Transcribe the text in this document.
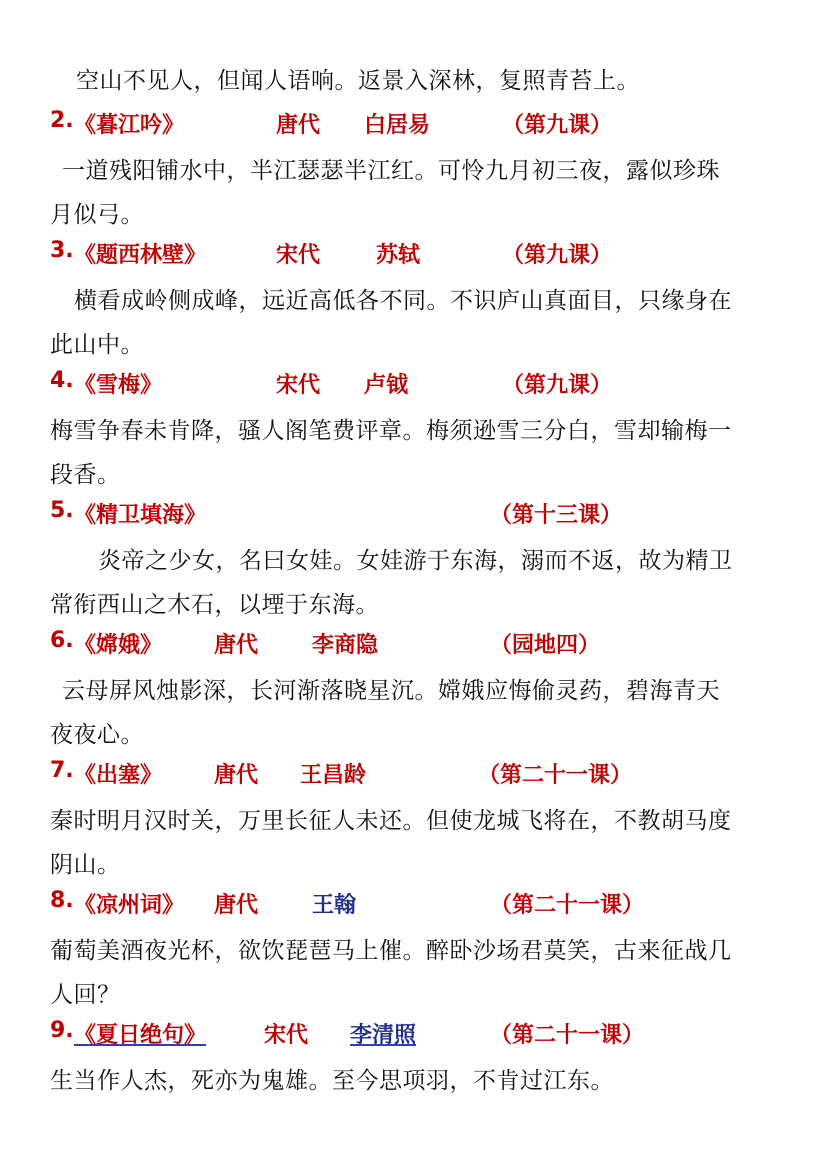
空山不见人，但闻人语响。返景入深林，复照青苔上。
2. 《暮江吟》	唐代 白居易	（第九课）
一道残阳铺水中，半江瑟瑟半江红。可怜九月初三夜，露似珍珠
月似弓。
3. 《题西林壁》	宋代	苏轼	（第九课）
横看成岭侧成峰，远近高低各不同。不识庐山真面目，只缘身在
此山中。
4. 《雪梅》	宋代 卢钺	（第九课）
梅雪争春未肯降，骚人阁笔费评章。梅须逊雪三分白，雪却输梅一
段香。
5. 《精卫填海》	（第十三课）
炎帝之少女，名曰女娃。女娃游于东海，溺而不返，故为精卫
常衔西山之木石，以堙于东海。
6. 《嫦娥》 唐代 李商隐	（园地四）
云母屏风烛影深，长河渐落晓星沉。嫦娥应悔偷灵药，碧海青天
夜夜心。
7. 《出塞》 唐代 王昌龄	（第二十一课）
秦时明月汉时关，万里长征人未还。但使龙城飞将在，不教胡马度
阴山。
8. 《凉州词》 唐代 王翰	（第二十一课）
葡萄美酒夜光杯，欲饮琵琶马上催。醉卧沙场君莫笑，古来征战几
人回？
9. 《夏日绝句》	宋代 李清照	（第二十一课）
生当作人杰，死亦为鬼雄。至今思项羽，不肯过江东。
